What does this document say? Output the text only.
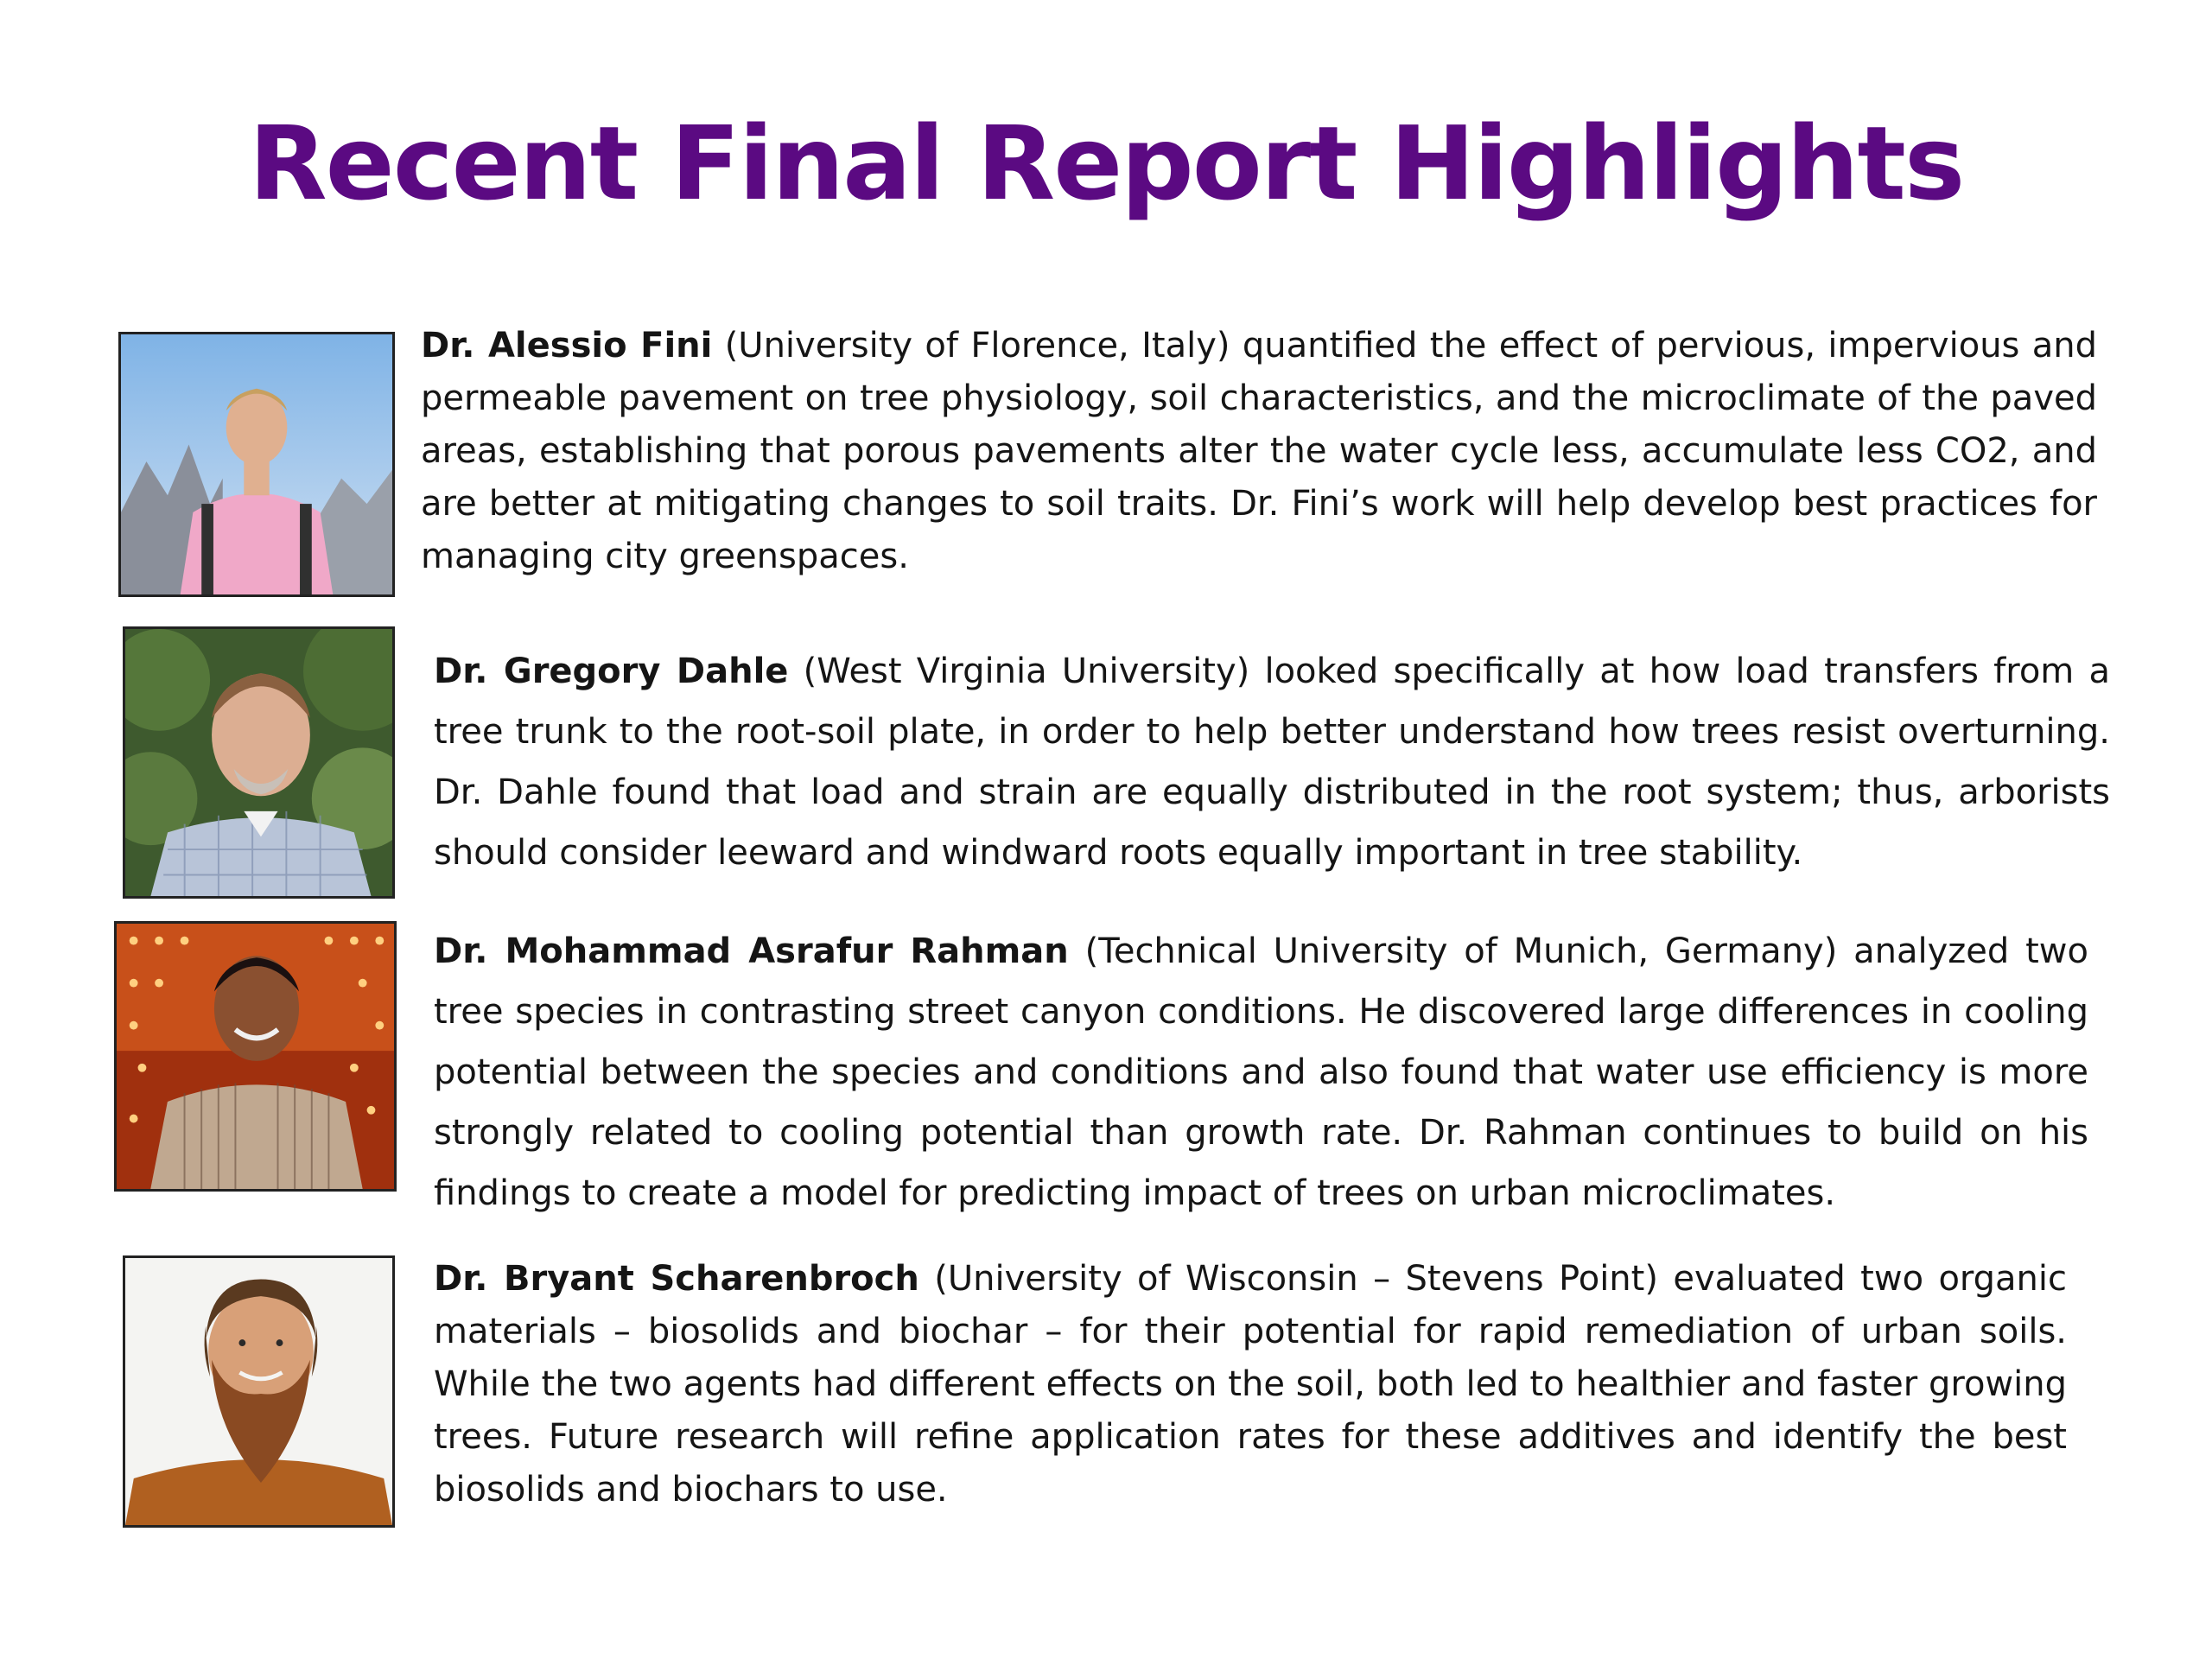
Recent Final Report Highlights
Dr. Alessio Fini (University of Florence, Italy) quantified the effect of pervious, impervious and permeable pavement on tree physiology, soil characteristics, and the microclimate of the paved areas, establishing that porous pavements alter the water cycle less, accumulate less CO2, and are better at mitigating changes to soil traits. Dr. Fini’s work will help develop best practices for managing city greenspaces.
Dr. Gregory Dahle (West Virginia University) looked specifically at how load transfers from a tree trunk to the root-soil plate, in order to help better understand how trees resist overturning. Dr. Dahle found that load and strain are equally distributed in the root system; thus, arborists should consider leeward and windward roots equally important in tree stability.
Dr. Mohammad Asrafur Rahman (Technical University of Munich, Germany) analyzed two tree species in contrasting street canyon conditions. He discovered large differences in cooling potential between the species and conditions and also found that water use efficiency is more strongly related to cooling potential than growth rate. Dr. Rahman continues to build on his findings to create a model for predicting impact of trees on urban microclimates.
Dr. Bryant Scharenbroch (University of Wisconsin – Stevens Point) evaluated two organic materials – biosolids and biochar – for their potential for rapid remediation of urban soils. While the two agents had different effects on the soil, both led to healthier and faster growing trees. Future research will refine application rates for these additives and identify the best biosolids and biochars to use.
